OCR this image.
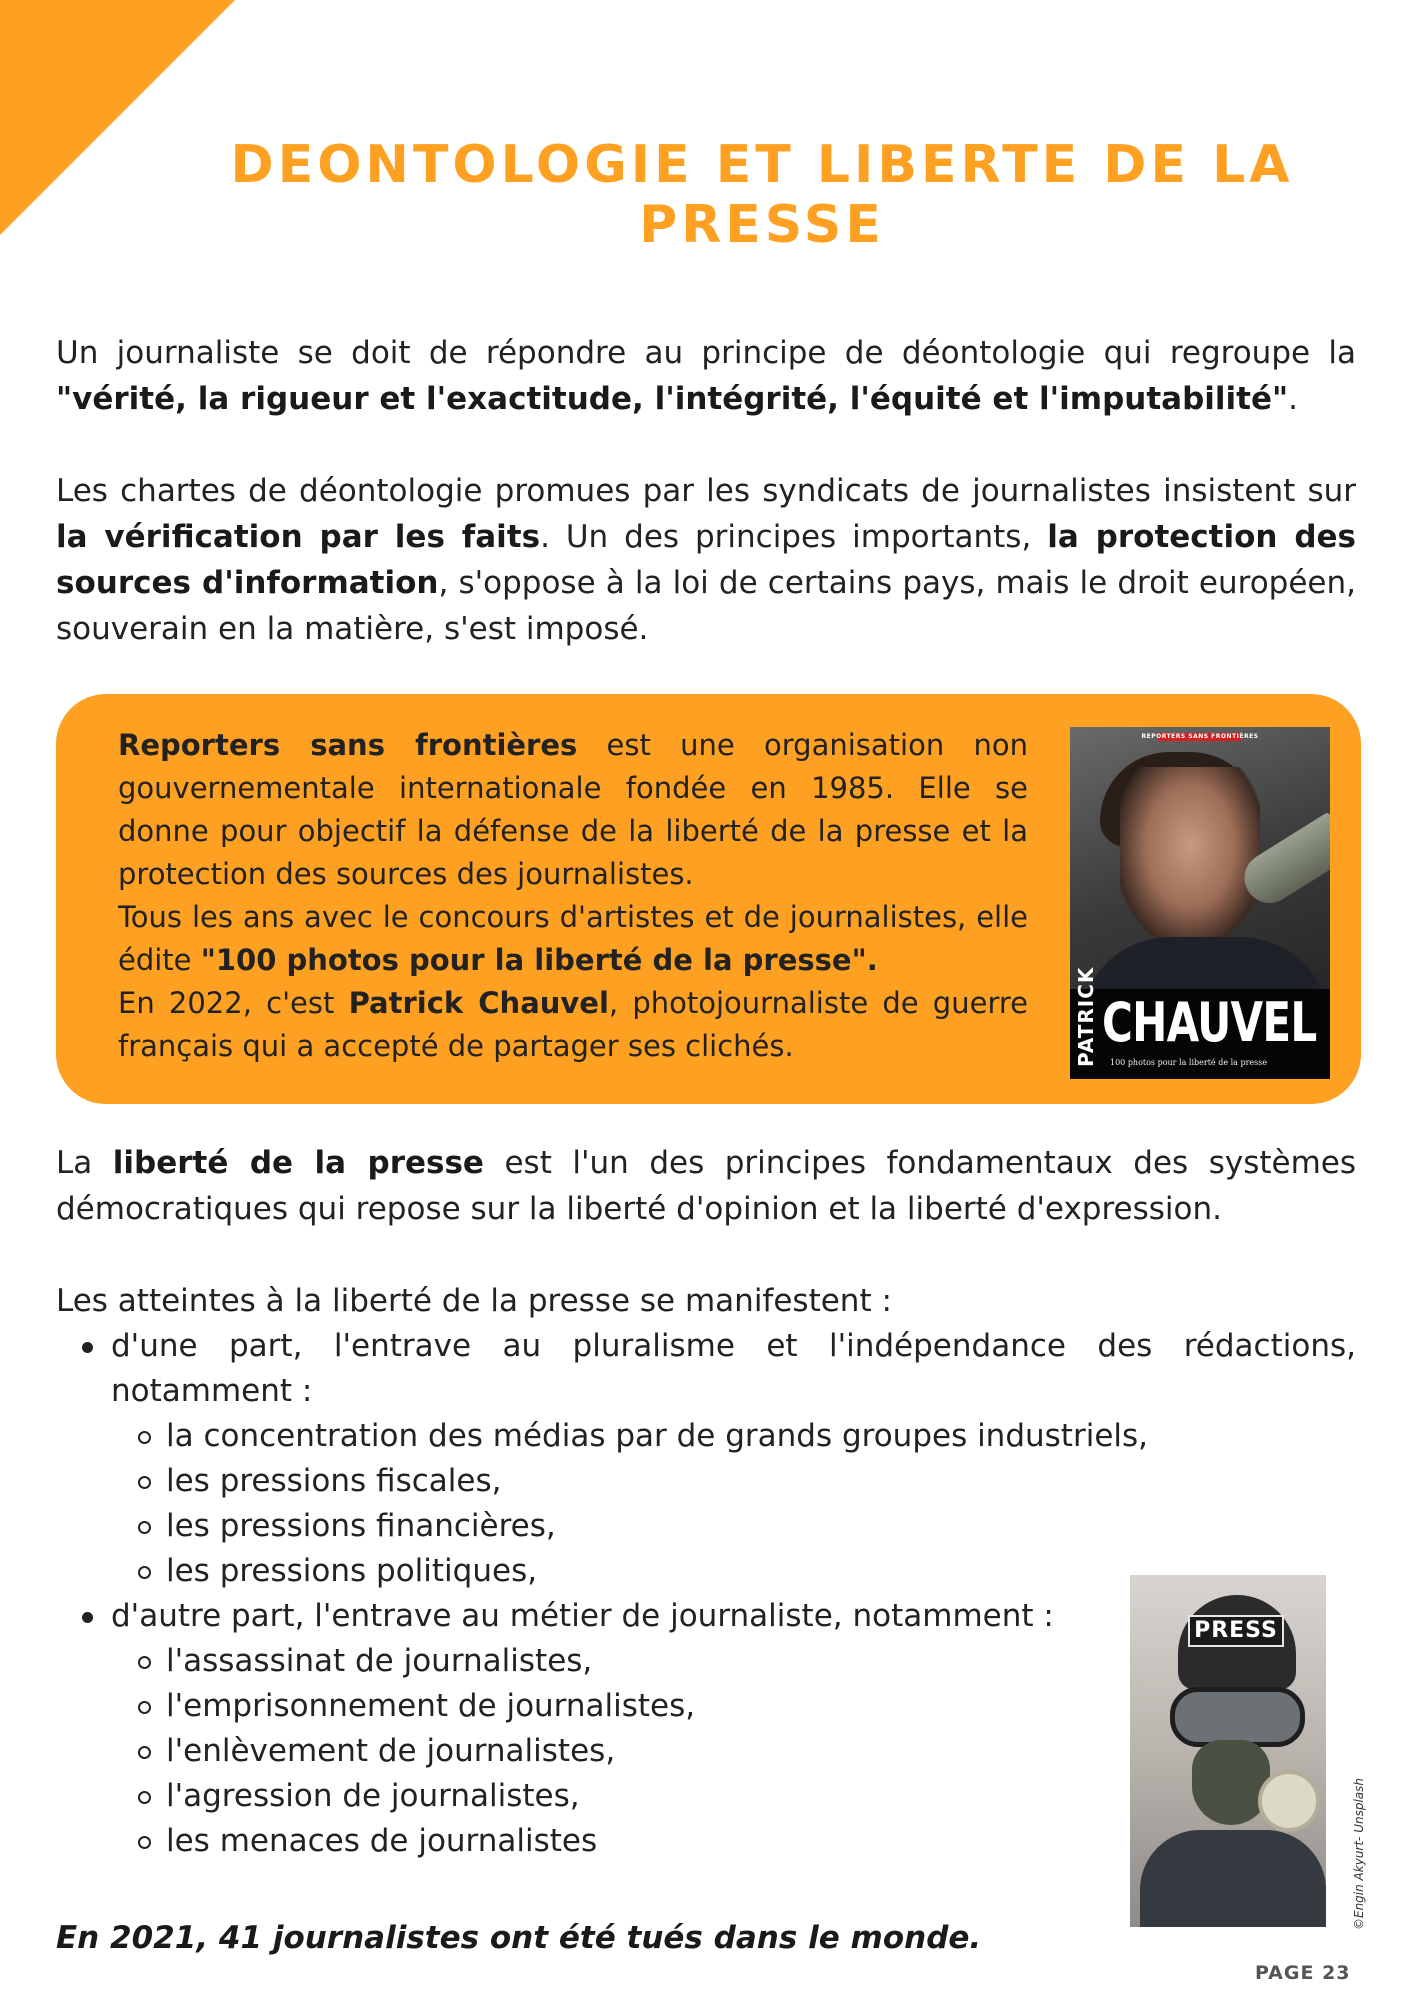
DEONTOLOGIE ET LIBERTE DE LA PRESSE
Un journaliste se doit de répondre au principe de déontologie qui regroupe la "vérité, la rigueur et l'exactitude, l'intégrité, l'équité et l'imputabilité".
Les chartes de déontologie promues par les syndicats de journalistes insistent sur la vérification par les faits. Un des principes importants, la protection des sources d'information, s'oppose à la loi de certains pays, mais le droit européen, souverain en la matière, s'est imposé.

Reporters sans frontières est une organisation non gouvernementale internationale fondée en 1985. Elle se donne pour objectif la défense de la liberté de la presse et la protection des sources des journalistes.

Tous les ans avec le concours d'artistes et de journalistes, elle édite "100 photos pour la liberté de la presse".

En 2022, c'est Patrick Chauvel, photojournaliste de guerre français qui a accepté de partager ses clichés.

REPORTERS SANS FRONTIÈRES
PATRICK CHAUVEL
100 photos pour la liberté de la presse
La liberté de la presse est l'un des principes fondamentaux des systèmes démocratiques qui repose sur la liberté d'opinion et la liberté d'expression.
Les atteintes à la liberté de la presse se manifestent :
d'une part, l'entrave au pluralisme et l'indépendance des rédactions, notamment :
la concentration des médias par de grands groupes industriels,
les pressions fiscales,
les pressions financières,
les pressions politiques,
d'autre part, l'entrave au métier de journaliste, notamment :
l'assassinat de journalistes,
l'emprisonnement de journalistes,
l'enlèvement de journalistes,
l'agression de journalistes,
les menaces de journalistes
PRESS
©Engin Akyurt- Unsplash
En 2021, 41 journalistes ont été tués dans le monde.
PAGE 23
